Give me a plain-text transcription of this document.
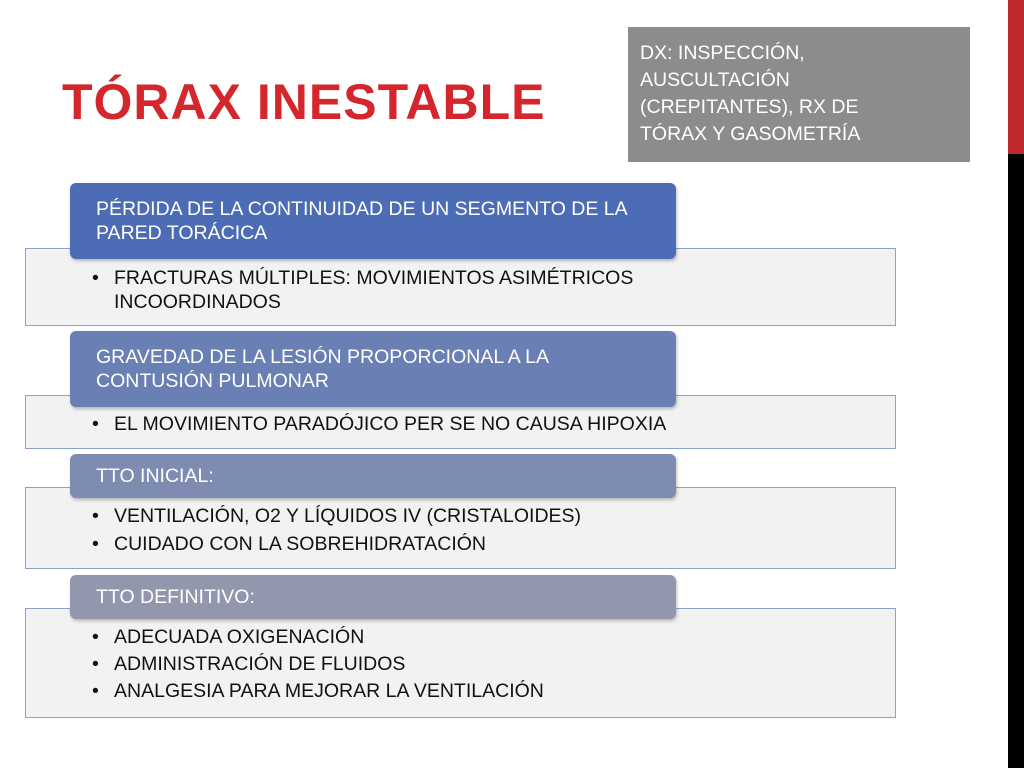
TÓRAX INESTABLE
DX: INSPECCIÓN,
AUSCULTACIÓN
(CREPITANTES), RX DE
TÓRAX Y GASOMETRÍA
• FRACTURAS MÚLTIPLES: MOVIMIENTOS ASIMÉTRICOS INCOORDINADOS
PÉRDIDA DE LA CONTINUIDAD DE UN SEGMENTO DE LA PARED TORÁCICA
• EL MOVIMIENTO PARADÓJICO PER SE NO CAUSA HIPOXIA
GRAVEDAD DE LA LESIÓN PROPORCIONAL A LA CONTUSIÓN PULMONAR
• VENTILACIÓN, O2 Y LÍQUIDOS IV (CRISTALOIDES)
• CUIDADO CON LA SOBREHIDRATACIÓN
TTO INICIAL:
• ADECUADA OXIGENACIÓN
• ADMINISTRACIÓN DE FLUIDOS
• ANALGESIA PARA MEJORAR LA VENTILACIÓN
TTO DEFINITIVO:
